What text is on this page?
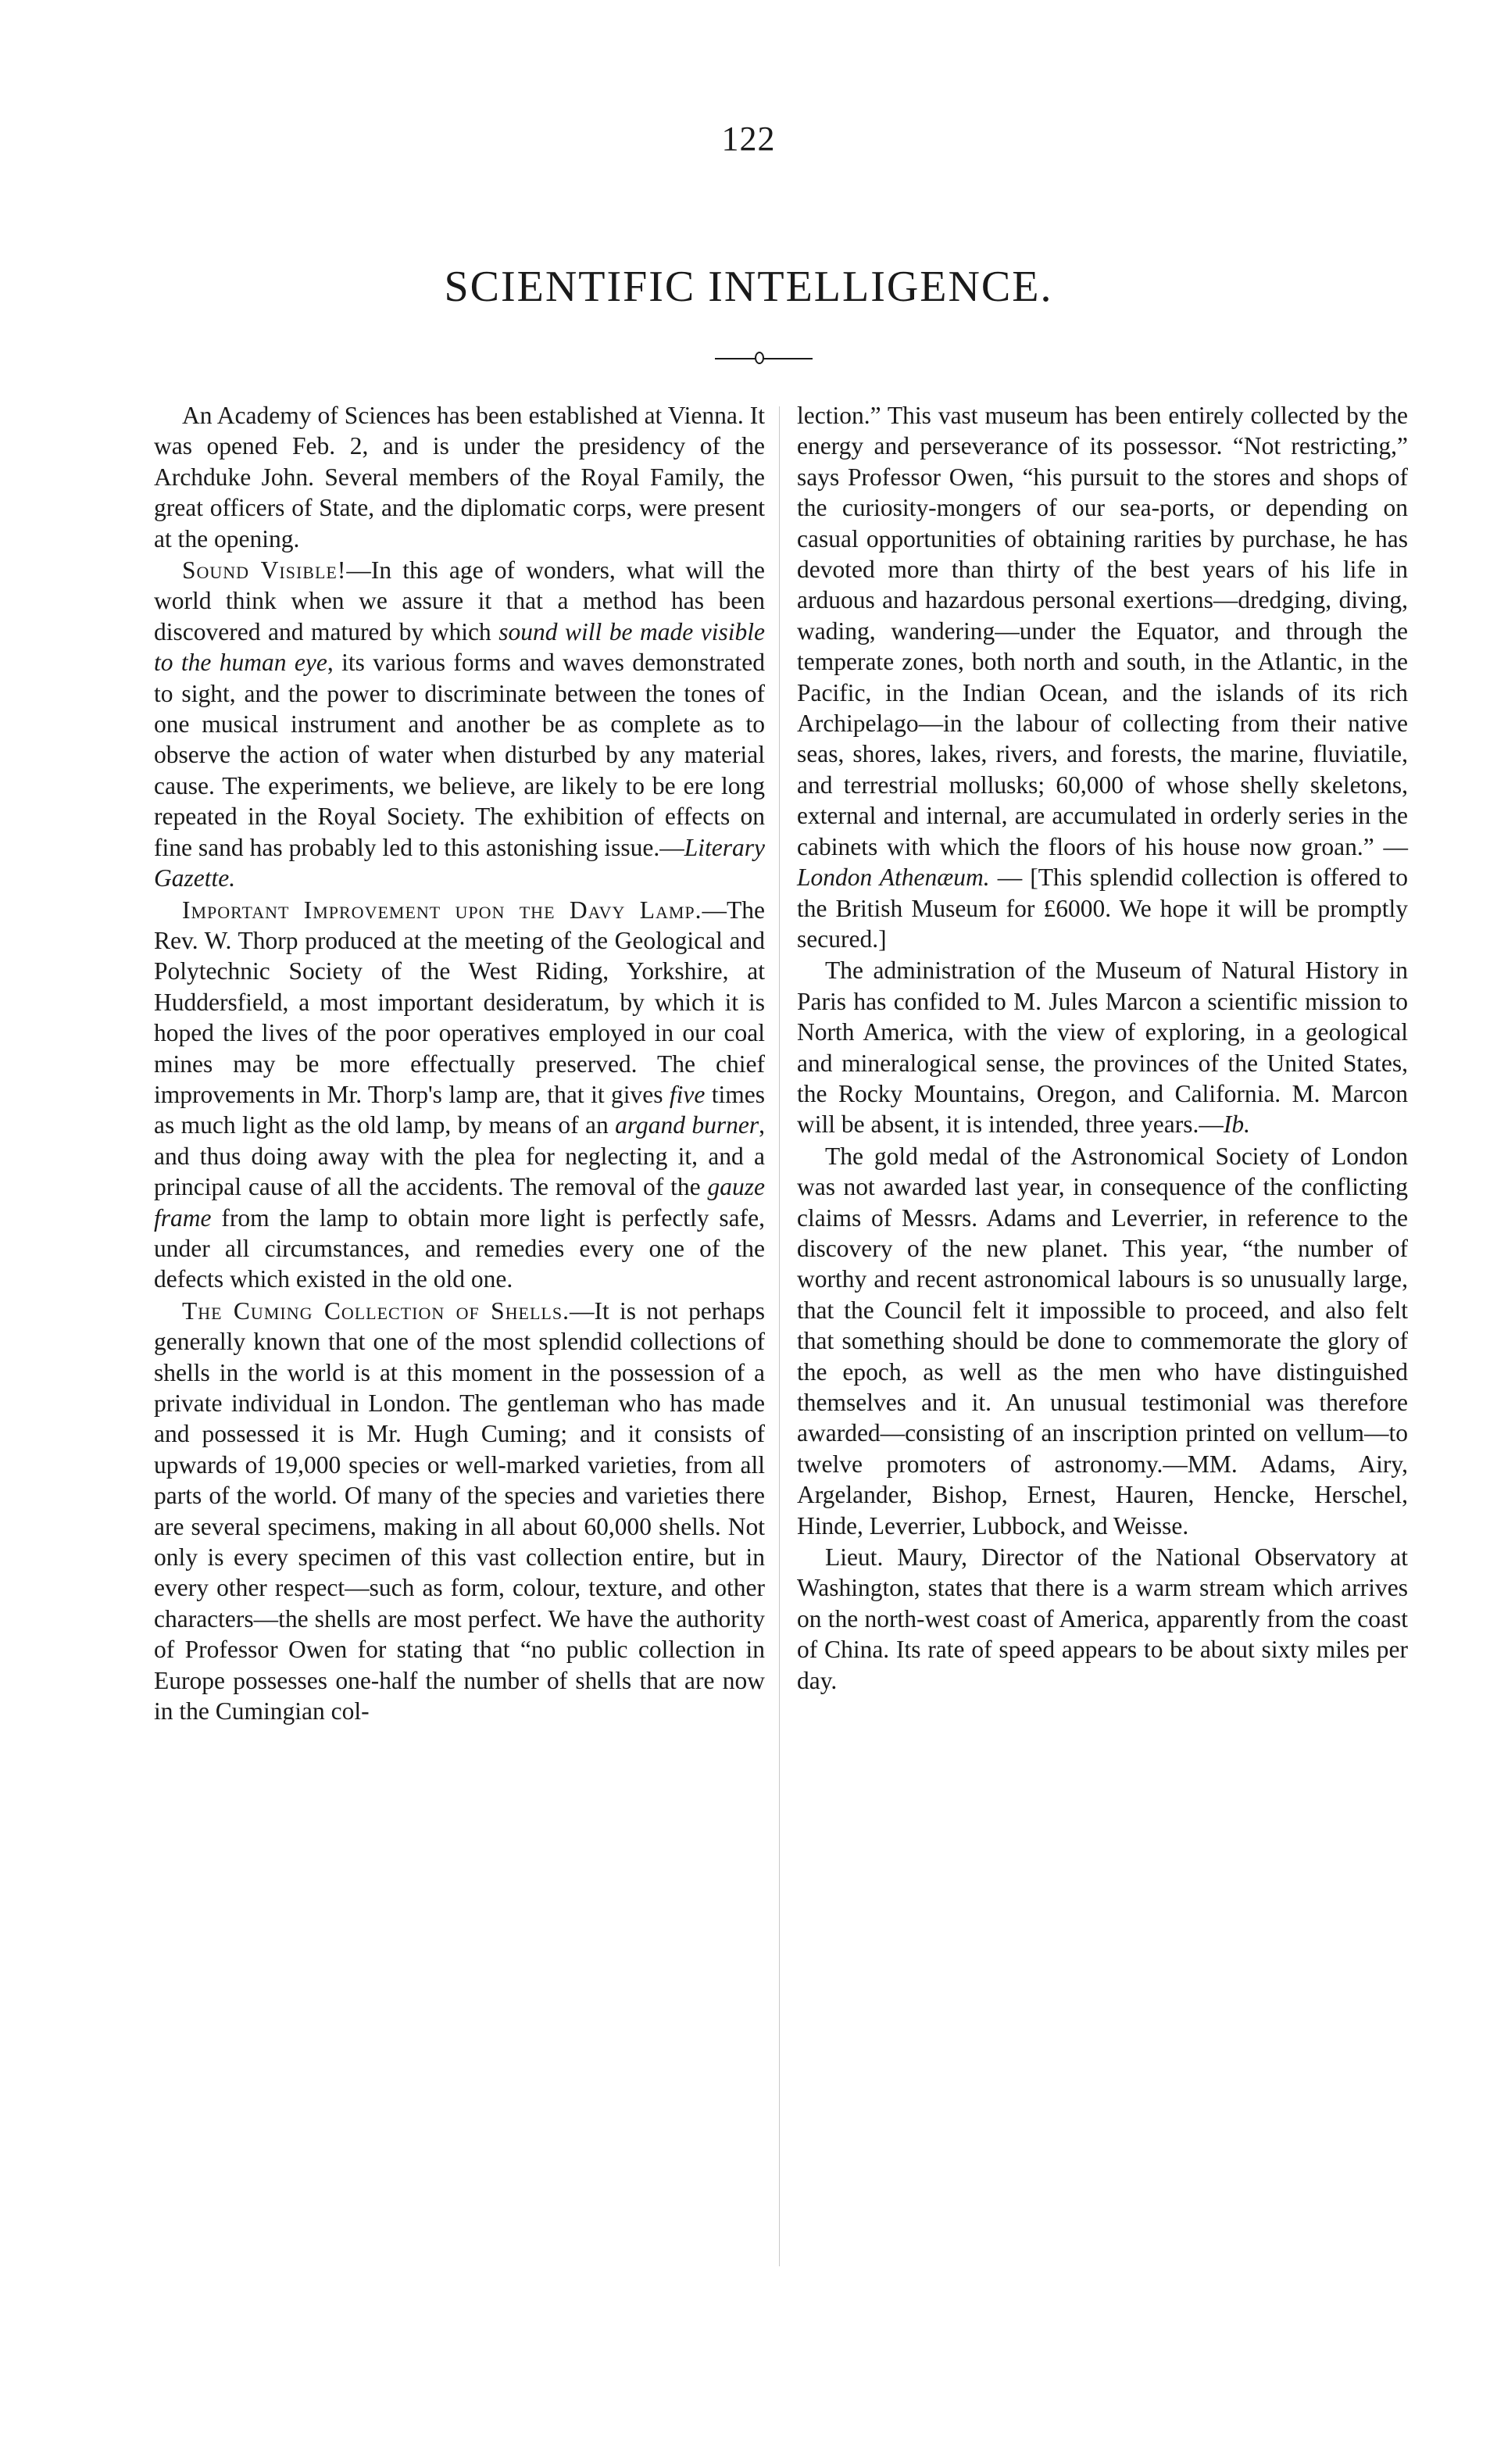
122
SCIENTIFIC INTELLIGENCE.

An Academy of Sciences has been established at Vienna. It was opened Feb. 2, and is under the presidency of the Archduke John. Several members of the Royal Family, the great officers of State, and the diplomatic corps, were present at the opening.

Sound Visible!—In this age of wonders, what will the world think when we assure it that a method has been discovered and matured by which sound will be made visible to the human eye, its various forms and waves demonstrated to sight, and the power to discriminate between the tones of one musical instrument and another be as complete as to observe the action of water when disturbed by any material cause. The experiments, we believe, are likely to be ere long repeated in the Royal Society. The exhibition of effects on fine sand has probably led to this astonishing issue.—Literary Gazette.

Important Improvement upon the Davy Lamp.—The Rev. W. Thorp produced at the meeting of the Geological and Polytechnic Society of the West Riding, Yorkshire, at Huddersfield, a most important desideratum, by which it is hoped the lives of the poor operatives employed in our coal mines may be more effectually preserved. The chief improvements in Mr. Thorp's lamp are, that it gives five times as much light as the old lamp, by means of an argand burner, and thus doing away with the plea for neglecting it, and a principal cause of all the accidents. The removal of the gauze frame from the lamp to obtain more light is perfectly safe, under all circumstances, and remedies every one of the defects which existed in the old one.

The Cuming Collection of Shells.—It is not perhaps generally known that one of the most splendid collections of shells in the world is at this moment in the possession of a private individual in London. The gentleman who has made and possessed it is Mr. Hugh Cuming; and it consists of upwards of 19,000 species or well-marked varieties, from all parts of the world. Of many of the species and varieties there are several specimens, making in all about 60,000 shells. Not only is every specimen of this vast collection entire, but in every other respect—such as form, colour, texture, and other characters—the shells are most perfect. We have the authority of Professor Owen for stating that “no public collection in Europe possesses one-half the number of shells that are now in the Cumingian col-

lection.” This vast museum has been entirely collected by the energy and perseverance of its possessor. “Not restricting,” says Professor Owen, “his pursuit to the stores and shops of the curiosity-mongers of our sea-ports, or depending on casual opportunities of obtaining rarities by purchase, he has devoted more than thirty of the best years of his life in arduous and hazardous personal exertions—dredging, diving, wading, wandering—under the Equator, and through the temperate zones, both north and south, in the Atlantic, in the Pacific, in the Indian Ocean, and the islands of its rich Archipelago—in the labour of collecting from their native seas, shores, lakes, rivers, and forests, the marine, fluviatile, and terrestrial mollusks; 60,000 of whose shelly skeletons, external and internal, are accumulated in orderly series in the cabinets with which the floors of his house now groan.” — London Athenæum. — [This splendid collection is offered to the British Museum for £6000. We hope it will be promptly secured.]

The administration of the Museum of Natural History in Paris has confided to M. Jules Marcon a scientific mission to North America, with the view of exploring, in a geological and mineralogical sense, the provinces of the United States, the Rocky Mountains, Oregon, and California. M. Marcon will be absent, it is intended, three years.—Ib.

The gold medal of the Astronomical Society of London was not awarded last year, in consequence of the conflicting claims of Messrs. Adams and Leverrier, in reference to the discovery of the new planet. This year, “the number of worthy and recent astronomical labours is so unusually large, that the Council felt it impossible to proceed, and also felt that something should be done to commemorate the glory of the epoch, as well as the men who have distinguished themselves and it. An unusual testimonial was therefore awarded—consisting of an inscription printed on vellum—to twelve promoters of astronomy.—MM. Adams, Airy, Argelander, Bishop, Ernest, Hauren, Hencke, Herschel, Hinde, Leverrier, Lubbock, and Weisse.

Lieut. Maury, Director of the National Observatory at Washington, states that there is a warm stream which arrives on the north-west coast of America, apparently from the coast of China. Its rate of speed appears to be about sixty miles per day.
